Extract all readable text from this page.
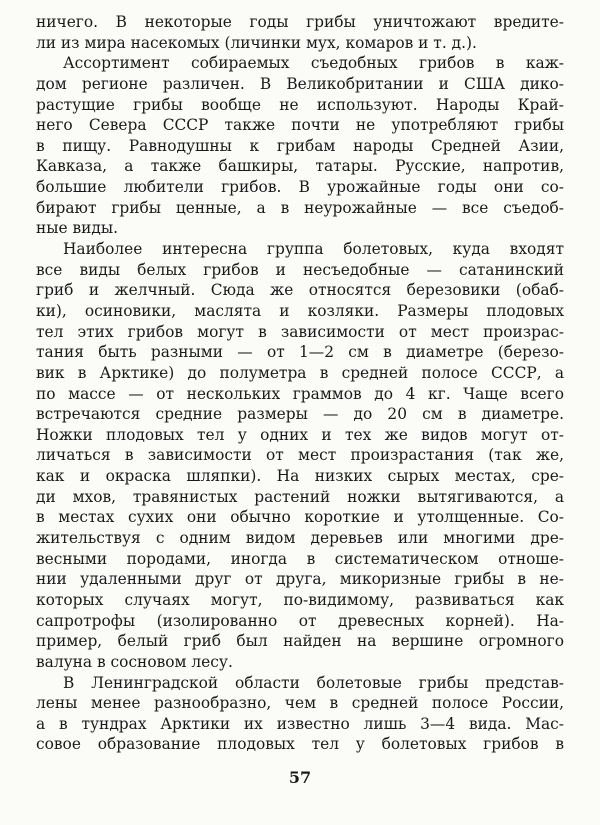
ничего. В некоторые годы грибы уничтожают вредите-
ли из мира насекомых (личинки мух, комаров и т. д.).
Ассортимент собираемых съедобных грибов в каж-
дом регионе различен. В Великобритании и США дико-
растущие грибы вообще не используют. Народы Край-
него Севера СССР также почти не употребляют грибы
в пищу. Равнодушны к грибам народы Средней Азии,
Кавказа, а также башкиры, татары. Русские, напротив,
большие любители грибов. В урожайные годы они со-
бирают грибы ценные, а в неурожайные — все съедоб-
ные виды.
Наиболее интересна группа болетовых, куда входят
все виды белых грибов и несъедобные — сатанинский
гриб и желчный. Сюда же относятся березовики (обаб-
ки), осиновики, маслята и козляки. Размеры плодовых
тел этих грибов могут в зависимости от мест произрас-
тания быть разными — от 1—2 см в диаметре (березо-
вик в Арктике) до полуметра в средней полосе СССР, а
по массе — от нескольких граммов до 4 кг. Чаще всего
встречаются средние размеры — до 20 см в диаметре.
Ножки плодовых тел у одних и тех же видов могут от-
личаться в зависимости от мест произрастания (так же,
как и окраска шляпки). На низких сырых местах, сре-
ди мхов, травянистых растений ножки вытягиваются, а
в местах сухих они обычно короткие и утолщенные. Со-
жительствуя с одним видом деревьев или многими дре-
весными породами, иногда в систематическом отноше-
нии удаленными друг от друга, микоризные грибы в не-
которых случаях могут, по-видимому, развиваться как
сапротрофы (изолированно от древесных корней). На-
пример, белый гриб был найден на вершине огромного
валуна в сосновом лесу.
В Ленинградской области болетовые грибы представ-
лены менее разнообразно, чем в средней полосе России,
а в тундрах Арктики их известно лишь 3—4 вида. Мас-
совое образование плодовых тел у болетовых грибов в
57
